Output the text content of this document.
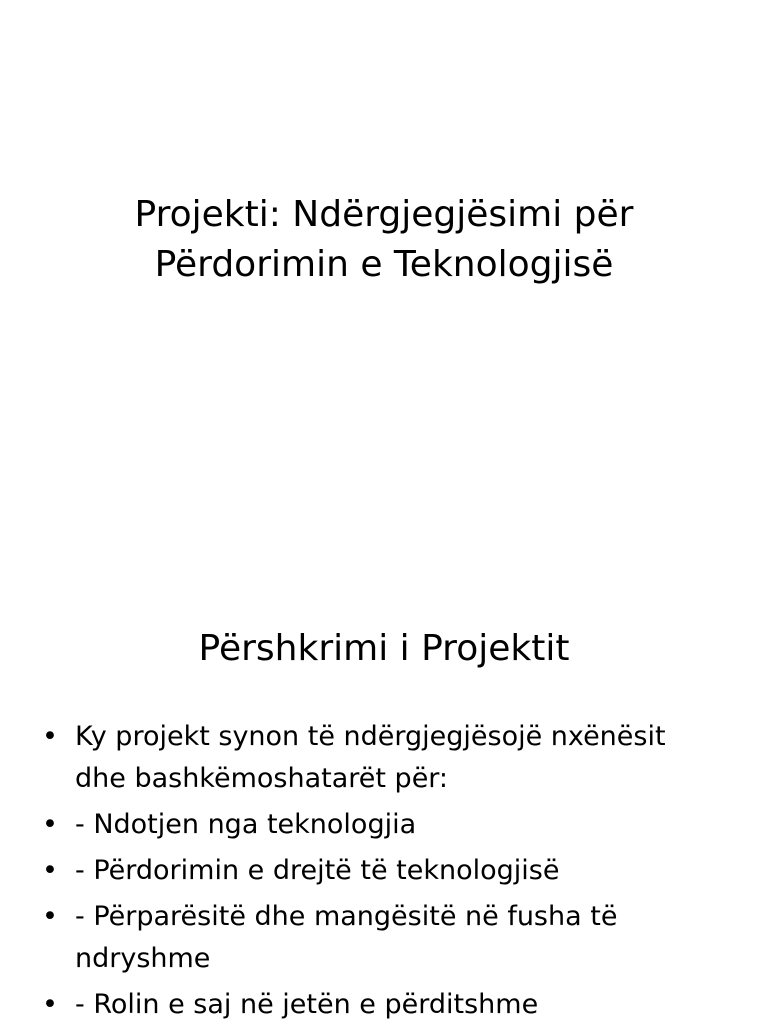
Projekti: Ndërgjegjësimi për
Përdorimin e Teknologjisë
Përshkrimi i Projektit
• Ky projekt synon të ndërgjegjësojë nxënësit dhe bashkëmoshatarët për:
• - Ndotjen nga teknologjia
• - Përdorimin e drejtë të teknologjisë
• - Përparësitë dhe mangësitë në fusha të ndryshme
• - Rolin e saj në jetën e përditshme
